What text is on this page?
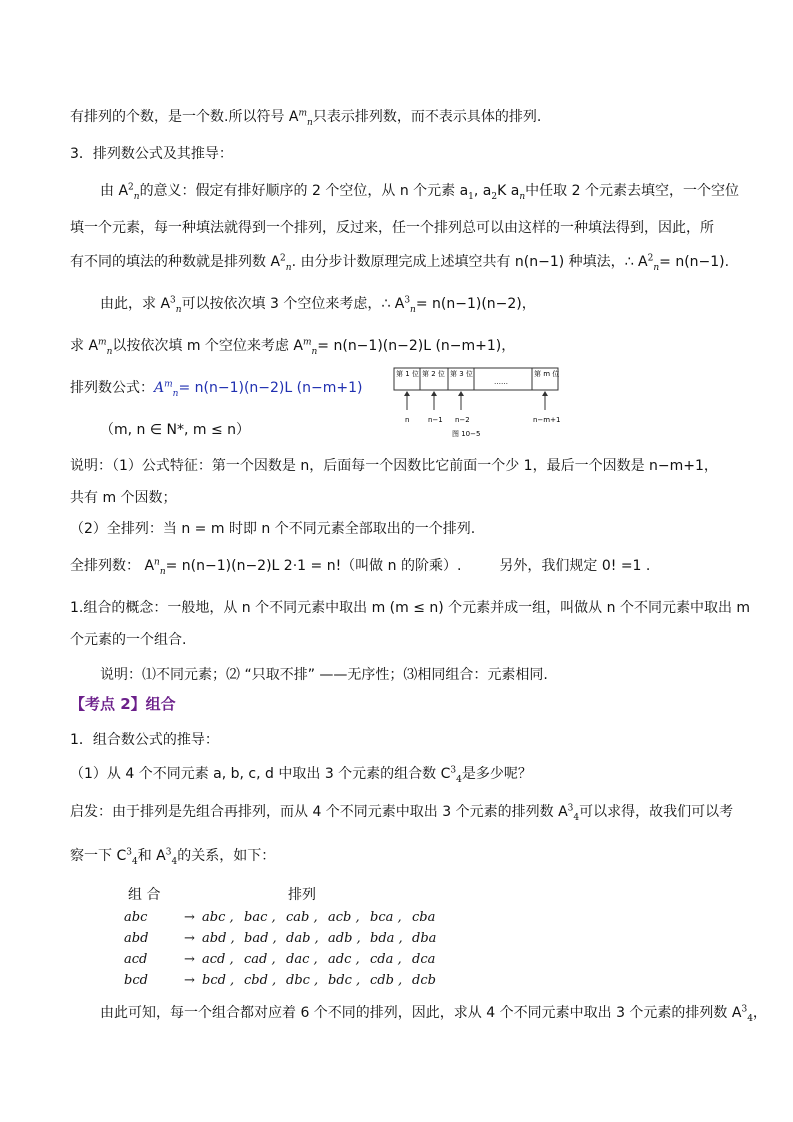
有排列的个数，是一个数.所以符号 $A^m_n$只表示排列数，而不表示具体的排列.
3．排列数公式及其推导：
由 $A^2_n$的意义：假定有排好顺序的 2 个空位，从 n 个元素 $a_1$, $a_2K$ $a_n$中任取 2 个元素去填空，一个空位
填一个元素，每一种填法就得到一个排列，反过来，任一个排列总可以由这样的一种填法得到，因此，所
有不同的填法的种数就是排列数 $A^2_n$. 由分步计数原理完成上述填空共有 n(n−1) 种填法，∴ $A^2_n= n(n-1)$.
由此，求 $A^3_n$可以按依次填 3 个空位来考虑，∴ $A^3_n= n(n-1)(n-2)$，
求 $A^m_n$以按依次填 m 个空位来考虑 $A^m_n= n(n-1)(n-2)L$ (n−m+1)，
排列数公式：$A^m_n= n(n-1)(n-2)L$ (n−m+1)
（m, n ∈ N*, m ≤ n）
第 1 位 第 2 位 第 3 位
……
第 m 位
n	n−1 n−2	n−m+1
图 10−5
说明：（1）公式特征：第一个因数是 n，后面每一个因数比它前面一个少 1，最后一个因数是 n−m+1，
共有 m 个因数；
（2）全排列：当 n = m 时即 n 个不同元素全部取出的一个排列.
全排列数： $A^n_n= n(n-1)(n-2)L$ 2·1 = n!（叫做 n 的阶乘）.	另外，我们规定 0! =1 .
1.组合的概念：一般地，从 n 个不同元素中取出 m (m ≤ n) 个元素并成一组，叫做从 n 个不同元素中取出 m
个元素的一个组合.
说明：⑴不同元素；⑵ “只取不排” ——无序性；⑶相同组合：元素相同.
【考点 2】组合
1．组合数公式的推导：
（1）从 4 个不同元素 a, b, c, d 中取出 3 个元素的组合数 $C^3_4$是多少呢？
启发：由于排列是先组合再排列，而从 4 个不同元素中取出 3 个元素的排列数 $A^3_4$可以求得，故我们可以考
察一下 $C^3_4$和 $A^3_4$的关系，如下：
组 合	排列
abc	→ abc , bac , cab , acb , bca , cba
abd	→ abd , bad , dab , adb , bda , dba
acd	→ acd , cad , dac , adc , cda , dca
bcd	→ bcd , cbd , dbc , bdc , cdb , dcb
由此可知，每一个组合都对应着 6 个不同的排列，因此，求从 4 个不同元素中取出 3 个元素的排列数 $A^3_4$，
